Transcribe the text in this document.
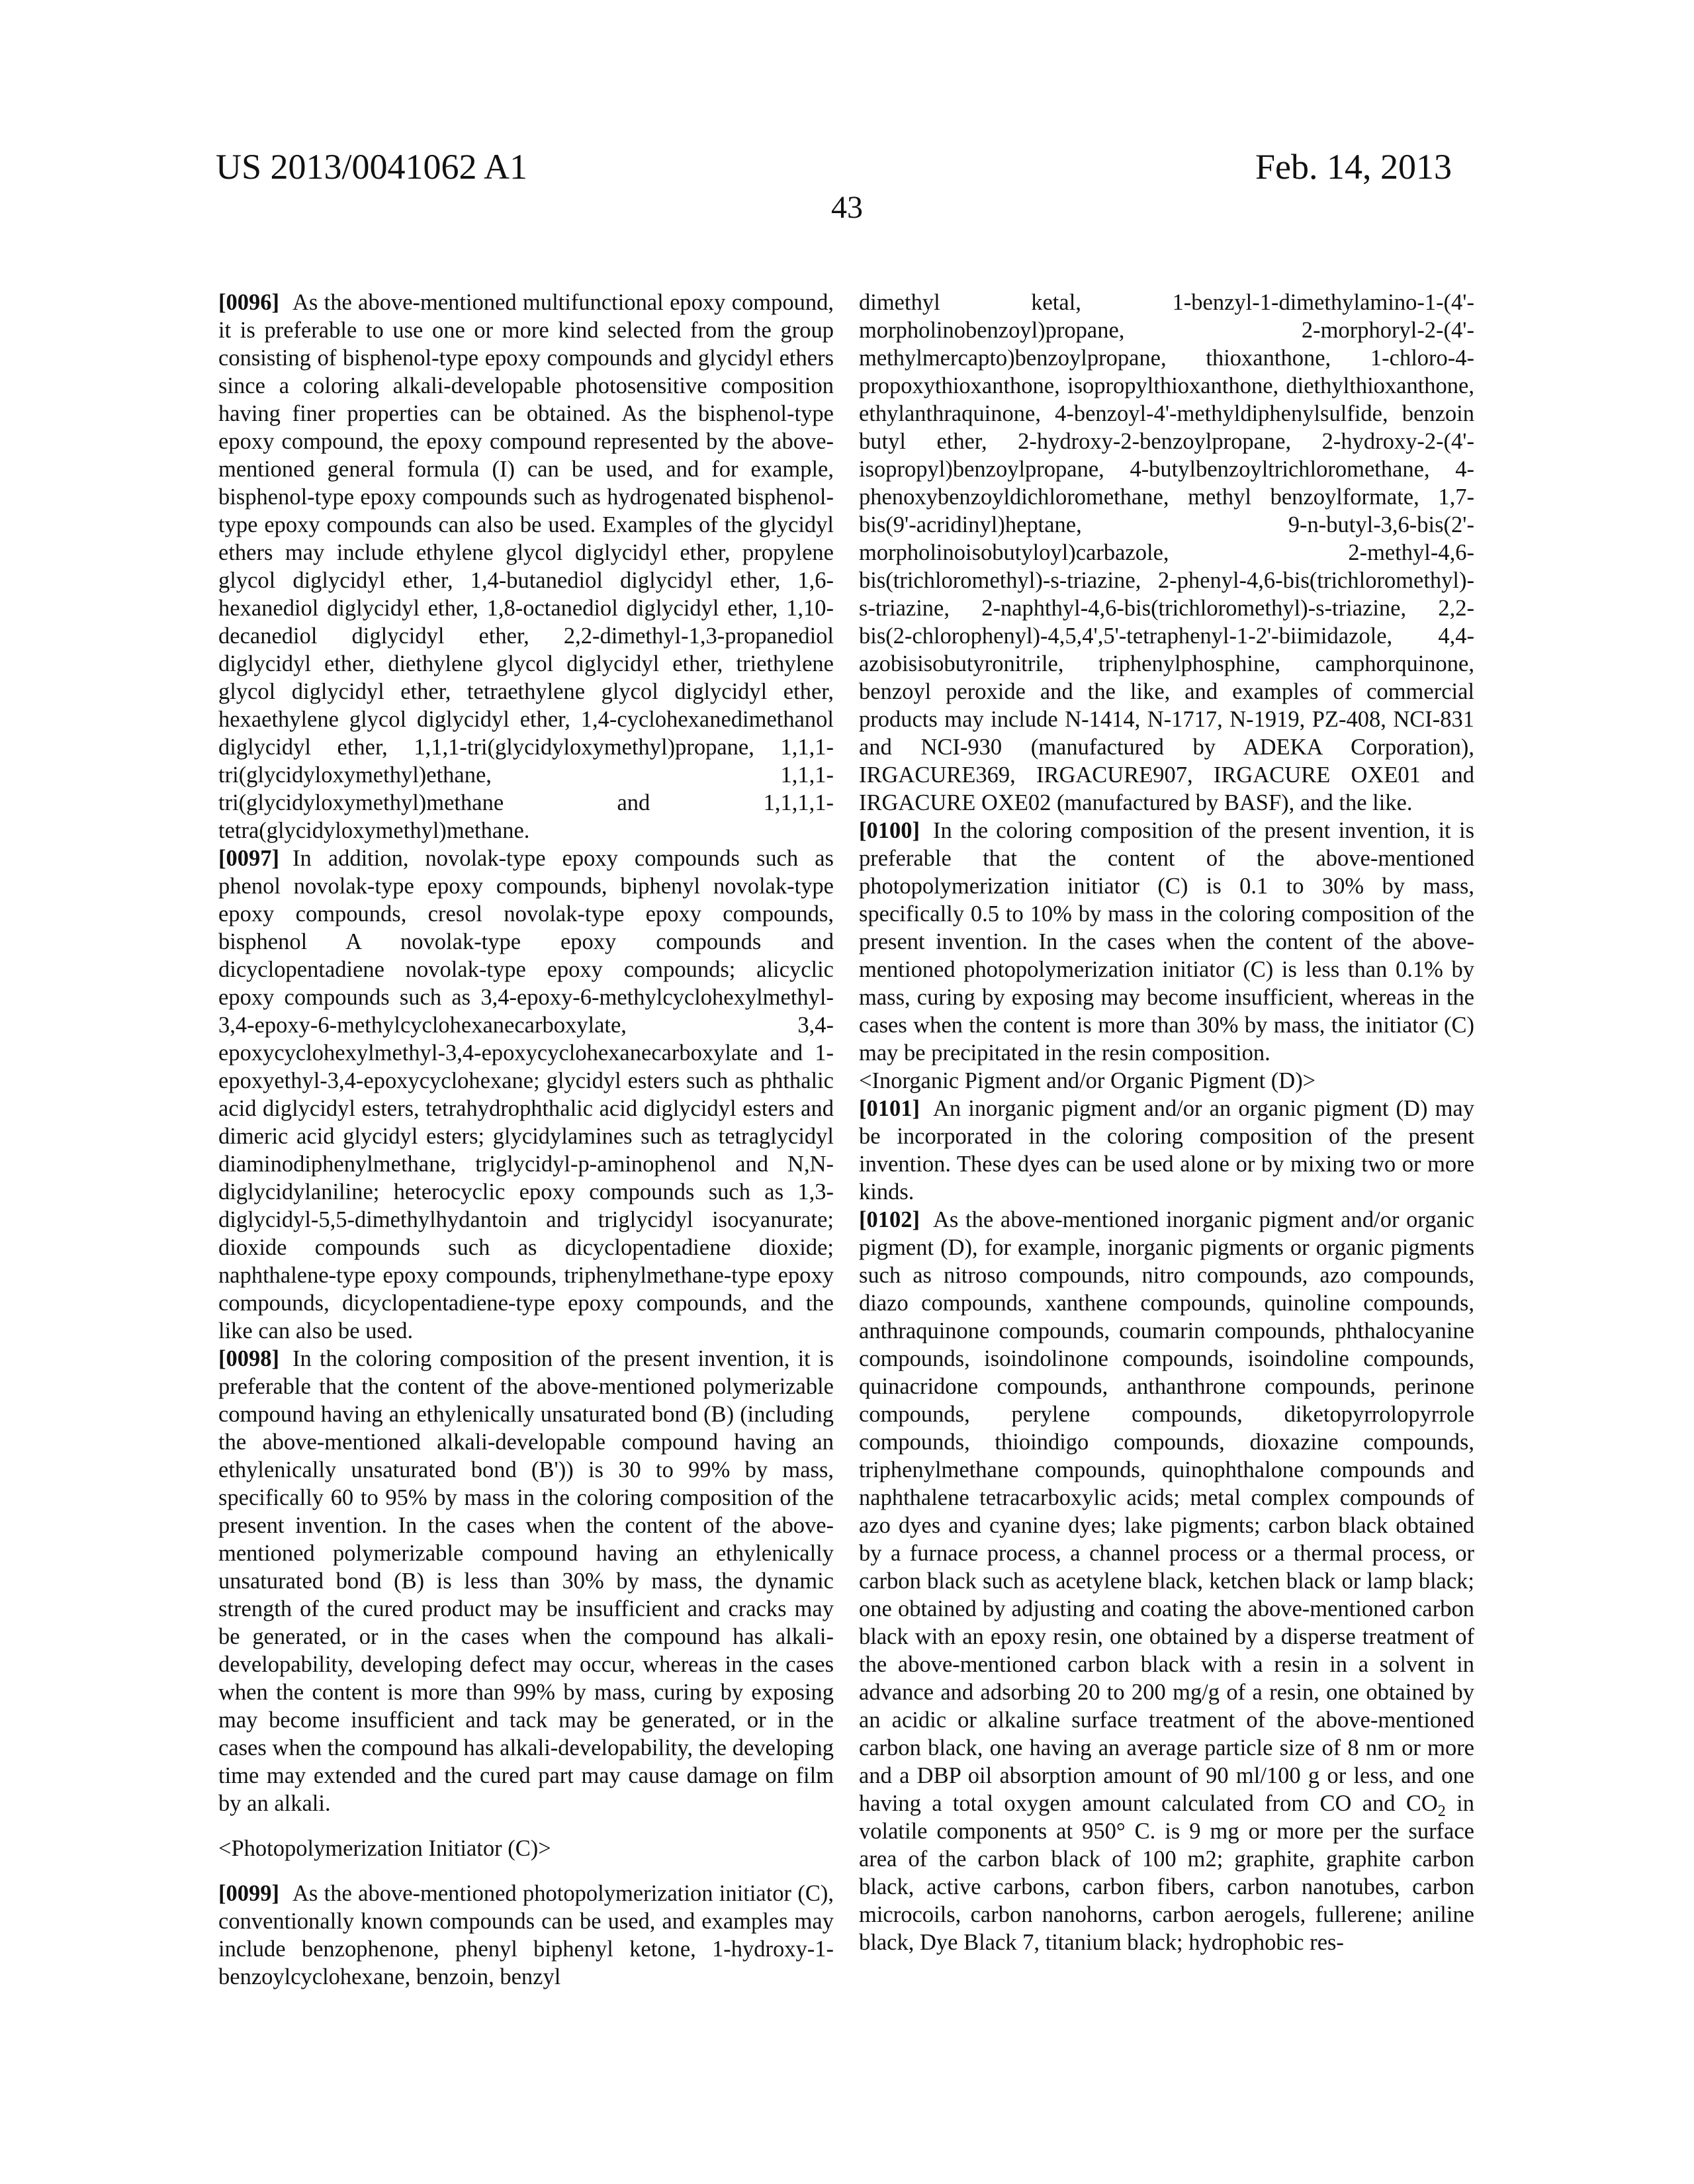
US 2013/0041062 A1	Feb. 14, 2013
43

[0096] As the above-mentioned multifunctional epoxy compound, it is preferable to use one or more kind selected from the group consisting of bisphenol-type epoxy compounds and glycidyl ethers since a coloring alkali-developable photosensitive composition having finer properties can be obtained. As the bisphenol-type epoxy compound, the epoxy compound represented by the above-mentioned general formula (I) can be used, and for example, bisphenol-type epoxy compounds such as hydrogenated bisphenol-type epoxy compounds can also be used. Examples of the glycidyl ethers may include ethylene glycol diglycidyl ether, propylene glycol diglycidyl ether, 1,4-butanediol diglycidyl ether, 1,6-hexanediol diglycidyl ether, 1,8-octanediol diglycidyl ether, 1,10-decanediol diglycidyl ether, 2,2-dimethyl-1,3-propanediol diglycidyl ether, diethylene glycol diglycidyl ether, triethylene glycol diglycidyl ether, tetraethylene glycol diglycidyl ether, hexaethylene glycol diglycidyl ether, 1,4-cyclohexanedimethanol diglycidyl ether, 1,1,1-tri(glycidyloxymethyl)propane, 1,1,1-tri(glycidyloxymethyl)ethane, 1,1,1-tri(glycidyloxymethyl)methane and 1,1,1,1-tetra(glycidyloxymethyl)methane.

[0097] In addition, novolak-type epoxy compounds such as phenol novolak-type epoxy compounds, biphenyl novolak-type epoxy compounds, cresol novolak-type epoxy compounds, bisphenol A novolak-type epoxy compounds and dicyclopentadiene novolak-type epoxy compounds; alicyclic epoxy compounds such as 3,4-epoxy-6-methylcyclohexylmethyl-3,4-epoxy-6-methylcyclohexanecarboxylate, 3,4-epoxycyclohexylmethyl-3,4-epoxycyclohexanecarboxylate and 1-epoxyethyl-3,4-epoxycyclohexane; glycidyl esters such as phthalic acid diglycidyl esters, tetrahydrophthalic acid diglycidyl esters and dimeric acid glycidyl esters; glycidylamines such as tetraglycidyl diaminodiphenylmethane, triglycidyl-p-aminophenol and N,N-diglycidylaniline; heterocyclic epoxy compounds such as 1,3-diglycidyl-5,5-dimethylhydantoin and triglycidyl isocyanurate; dioxide compounds such as dicyclopentadiene dioxide; naphthalene-type epoxy compounds, triphenylmethane-type epoxy compounds, dicyclopentadiene-type epoxy compounds, and the like can also be used.

[0098] In the coloring composition of the present invention, it is preferable that the content of the above-mentioned polymerizable compound having an ethylenically unsaturated bond (B) (including the above-mentioned alkali-developable compound having an ethylenically unsaturated bond (B')) is 30 to 99% by mass, specifically 60 to 95% by mass in the coloring composition of the present invention. In the cases when the content of the above-mentioned polymerizable compound having an ethylenically unsaturated bond (B) is less than 30% by mass, the dynamic strength of the cured product may be insufficient and cracks may be generated, or in the cases when the compound has alkali-developability, developing defect may occur, whereas in the cases when the content is more than 99% by mass, curing by exposing may become insufficient and tack may be generated, or in the cases when the compound has alkali-developability, the developing time may extended and the cured part may cause damage on film by an alkali.

<Photopolymerization Initiator (C)>

[0099] As the above-mentioned photopolymerization initiator (C), conventionally known compounds can be used, and examples may include benzophenone, phenyl biphenyl ketone, 1-hydroxy-1-benzoylcyclohexane, benzoin, benzyl

dimethyl ketal, 1-benzyl-1-dimethylamino-1-(4'-morpholinobenzoyl)propane, 2-morphoryl-2-(4'-methylmercapto)benzoylpropane, thioxanthone, 1-chloro-4-propoxythioxanthone, isopropylthioxanthone, diethylthioxanthone, ethylanthraquinone, 4-benzoyl-4'-methyldiphenylsulfide, benzoin butyl ether, 2-hydroxy-2-benzoylpropane, 2-hydroxy-2-(4'-isopropyl)benzoylpropane, 4-butylbenzoyltrichloromethane, 4-phenoxybenzoyldichloromethane, methyl benzoylformate, 1,7-bis(9'-acridinyl)heptane, 9-n-butyl-3,6-bis(2'-morpholinoisobutyloyl)carbazole, 2-methyl-4,6-bis(trichloromethyl)-s-triazine, 2-phenyl-4,6-bis(trichloromethyl)-s-triazine, 2-naphthyl-4,6-bis(trichloromethyl)-s-triazine, 2,2-bis(2-chlorophenyl)-4,5,4',5'-tetraphenyl-1-2'-biimidazole, 4,4-azobisisobutyronitrile, triphenylphosphine, camphorquinone, benzoyl peroxide and the like, and examples of commercial products may include N-1414, N-1717, N-1919, PZ-408, NCI-831 and NCI-930 (manufactured by ADEKA Corporation), IRGACURE369, IRGACURE907, IRGACURE OXE01 and IRGACURE OXE02 (manufactured by BASF), and the like.

[0100] In the coloring composition of the present invention, it is preferable that the content of the above-mentioned photopolymerization initiator (C) is 0.1 to 30% by mass, specifically 0.5 to 10% by mass in the coloring composition of the present invention. In the cases when the content of the above-mentioned photopolymerization initiator (C) is less than 0.1% by mass, curing by exposing may become insufficient, whereas in the cases when the content is more than 30% by mass, the initiator (C) may be precipitated in the resin composition.

<Inorganic Pigment and/or Organic Pigment (D)>

[0101] An inorganic pigment and/or an organic pigment (D) may be incorporated in the coloring composition of the present invention. These dyes can be used alone or by mixing two or more kinds.

[0102] As the above-mentioned inorganic pigment and/or organic pigment (D), for example, inorganic pigments or organic pigments such as nitroso compounds, nitro compounds, azo compounds, diazo compounds, xanthene compounds, quinoline compounds, anthraquinone compounds, coumarin compounds, phthalocyanine compounds, isoindolinone compounds, isoindoline compounds, quinacridone compounds, anthanthrone compounds, perinone compounds, perylene compounds, diketopyrrolopyrrole compounds, thioindigo compounds, dioxazine compounds, triphenylmethane compounds, quinophthalone compounds and naphthalene tetracarboxylic acids; metal complex compounds of azo dyes and cyanine dyes; lake pigments; carbon black obtained by a furnace process, a channel process or a thermal process, or carbon black such as acetylene black, ketchen black or lamp black; one obtained by adjusting and coating the above-mentioned carbon black with an epoxy resin, one obtained by a disperse treatment of the above-mentioned carbon black with a resin in a solvent in advance and adsorbing 20 to 200 mg/g of a resin, one obtained by an acidic or alkaline surface treatment of the above-mentioned carbon black, one having an average particle size of 8 nm or more and a DBP oil absorption amount of 90 ml/100 g or less, and one having a total oxygen amount calculated from CO and CO2 in volatile components at 950° C. is 9 mg or more per the surface area of the carbon black of 100 m2; graphite, graphite carbon black, active carbons, carbon fibers, carbon nanotubes, carbon microcoils, carbon nanohorns, carbon aerogels, fullerene; aniline black, Dye Black 7, titanium black; hydrophobic res-
